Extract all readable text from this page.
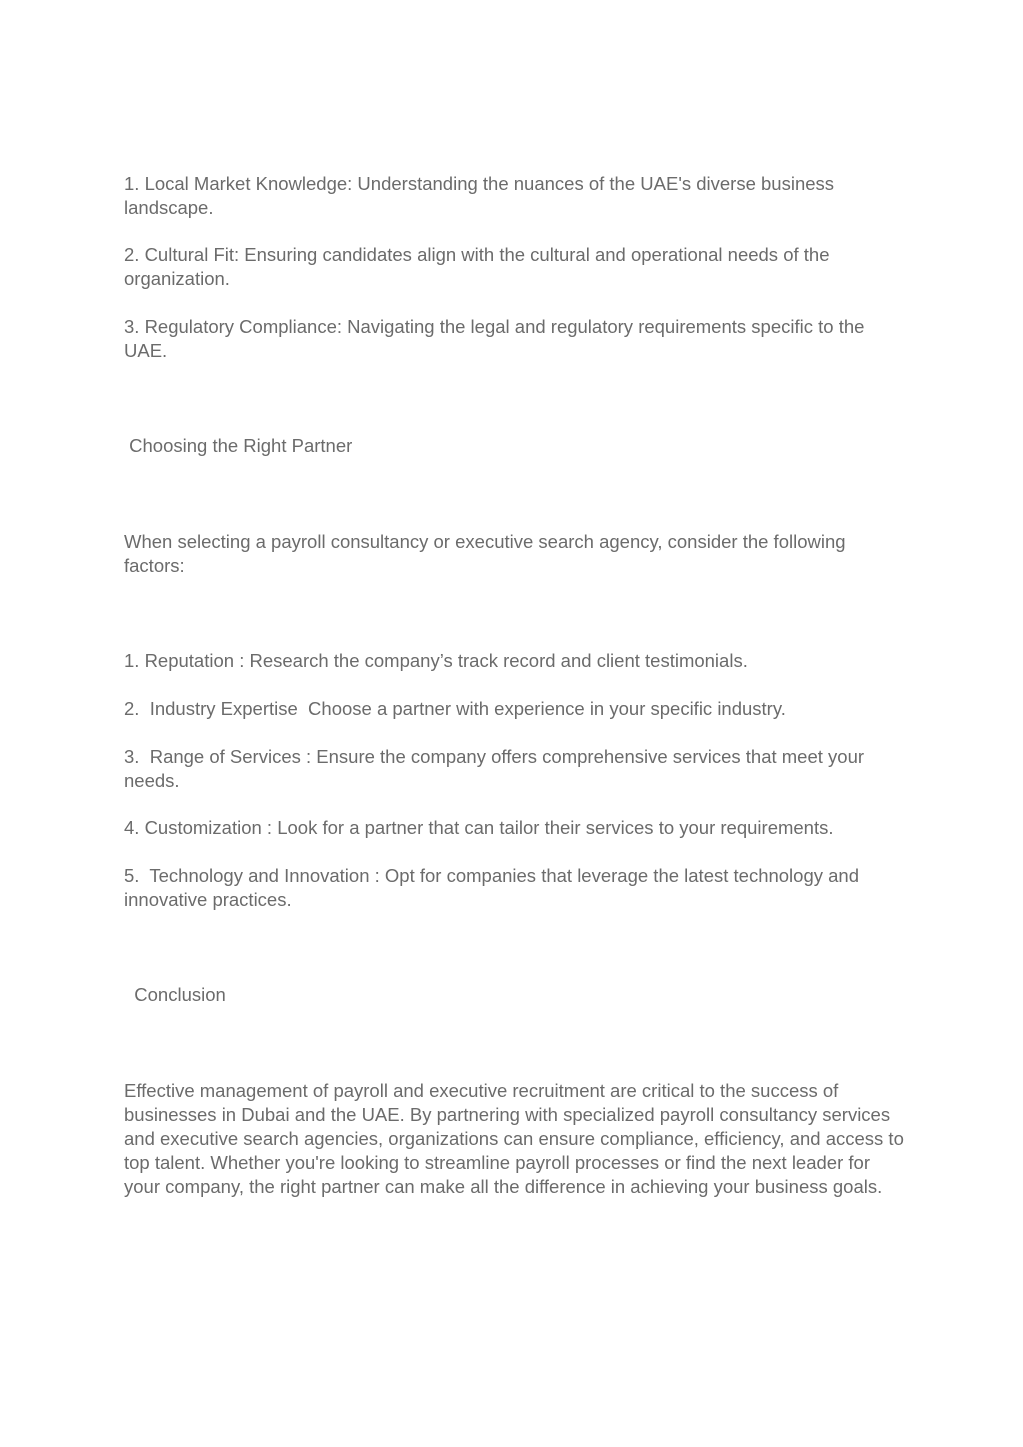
1. Local Market Knowledge: Understanding the nuances of the UAE's diverse business landscape.

2. Cultural Fit: Ensuring candidates align with the cultural and operational needs of the organization.

3. Regulatory Compliance: Navigating the legal and regulatory requirements specific to the UAE.

Choosing the Right Partner

When selecting a payroll consultancy or executive search agency, consider the following factors:

1. Reputation : Research the company’s track record and client testimonials.

2.  Industry Expertise  Choose a partner with experience in your specific industry.

3.  Range of Services : Ensure the company offers comprehensive services that meet your needs.

4. Customization : Look for a partner that can tailor their services to your requirements.

5.  Technology and Innovation : Opt for companies that leverage the latest technology and innovative practices.

Conclusion

Effective management of payroll and executive recruitment are critical to the success of businesses in Dubai and the UAE. By partnering with specialized payroll consultancy services and executive search agencies, organizations can ensure compliance, efficiency, and access to top talent. Whether you're looking to streamline payroll processes or find the next leader for your company, the right partner can make all the difference in achieving your business goals.
